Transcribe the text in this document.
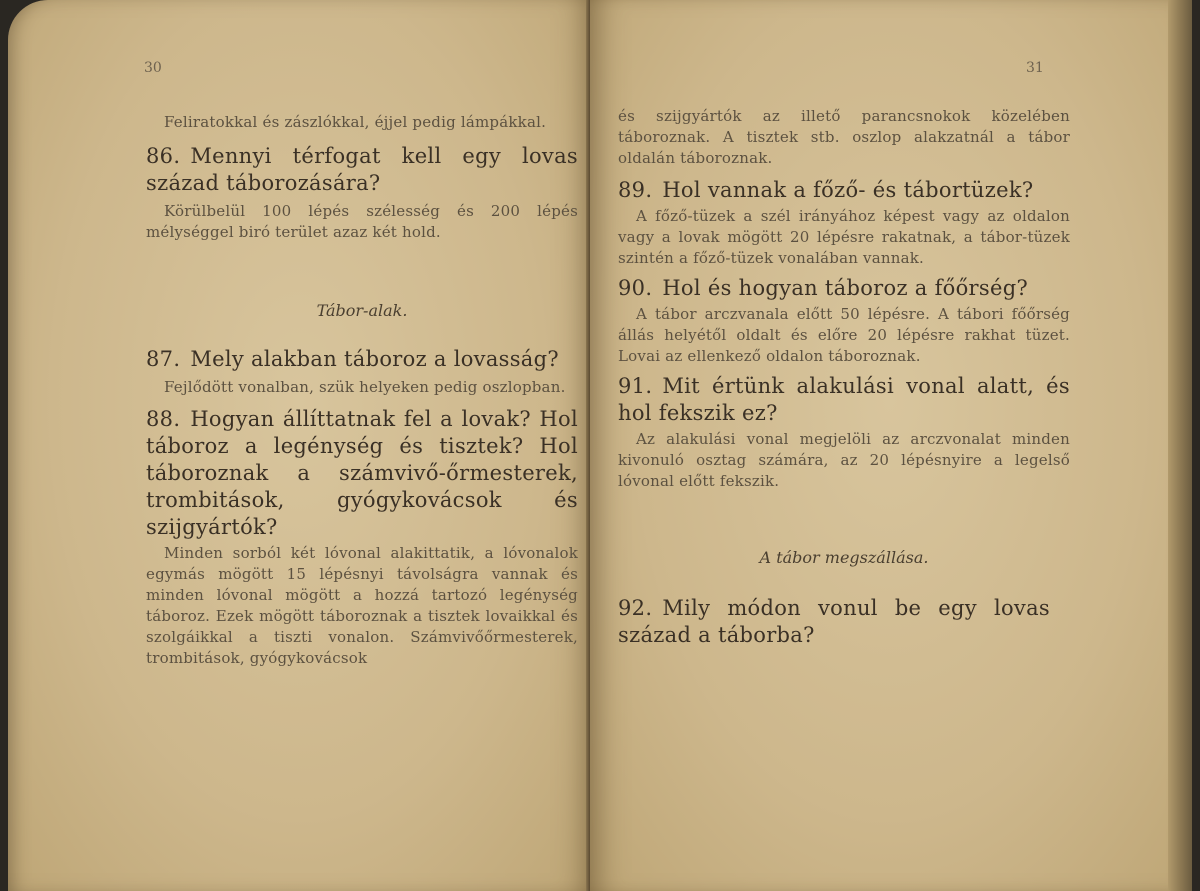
30

Feliratokkal és zászlókkal, éjjel pedig lámpákkal.

86. Mennyi térfogat kell egy lovas század táborozására?

Körülbelül 100 lépés szélesség és 200 lépés mélységgel biró terület azaz két hold.

Tábor-alak.

87. Mely alakban táboroz a lovasság?

Fejlődött vonalban, szük helyeken pedig oszlopban.

88. Hogyan állíttatnak fel a lovak? Hol táboroz a legénység és tisztek? Hol táboroznak a számvivő-őrmesterek, trombitások, gyógykovácsok és szijgyártók?

Minden sorból két lóvonal alakittatik, a lóvonalok egymás mögött 15 lépésnyi távolságra vannak és minden lóvonal mögött a hozzá tartozó legénység táboroz. Ezek mögött táboroznak a tisztek lovaikkal és szolgáikkal a tiszti vonalon. Számvivőőrmesterek, trombitások, gyógykovácsok

31

és szijgyártók az illető parancsnokok közelében táboroznak. A tisztek stb. oszlop alakzatnál a tábor oldalán táboroznak.

89. Hol vannak a főző- és tábortüzek?

A főző-tüzek a szél irányához képest vagy az oldalon vagy a lovak mögött 20 lépésre rakatnak, a tábor-tüzek szintén a főző-tüzek vonalában vannak.

90. Hol és hogyan táboroz a főőrség?

A tábor arczvanala előtt 50 lépésre. A tábori főőrség állás helyétől oldalt és előre 20 lépésre rakhat tüzet. Lovai az ellenkező oldalon táboroznak.

91. Mit értünk alakulási vonal alatt, és hol fekszik ez?

Az alakulási vonal megjelöli az arczvonalat minden kivonuló osztag számára, az 20 lépésnyire a legelső lóvonal előtt fekszik.

A tábor megszállása.

92. Mily módon vonul be egy lovas század a táborba?
